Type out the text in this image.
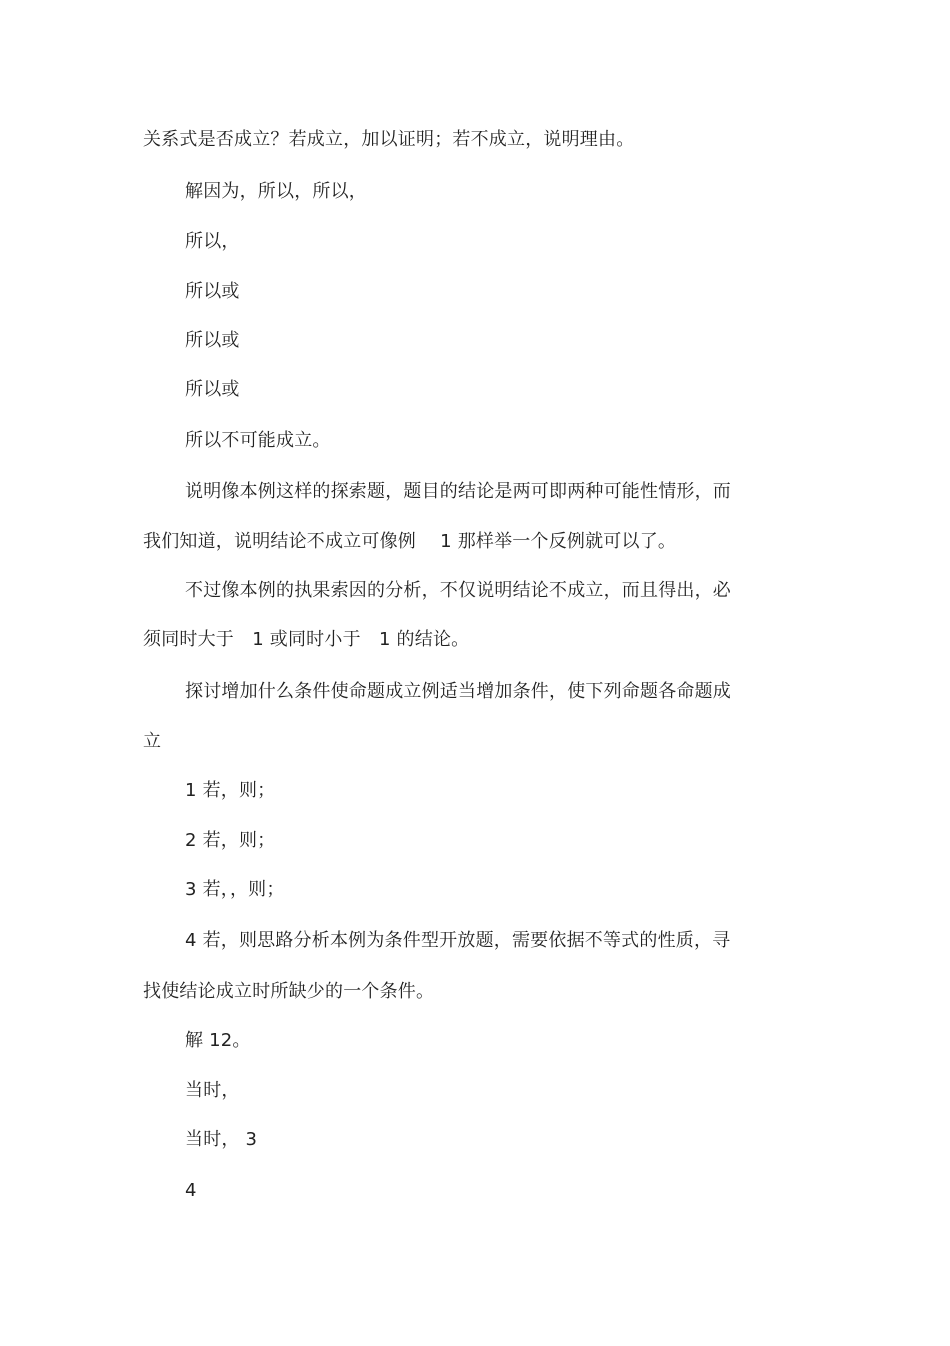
关系式是否成立？若成立，加以证明；若不成立，说明理由。
解因为，所以，所以，
所以，
所以或
所以或
所以或
所以不可能成立。
说明像本例这样的探索题，题目的结论是两可即两种可能性情形，而
我们知道，说明结论不成立可像例　 1 那样举一个反例就可以了。
不过像本例的执果索因的分析，不仅说明结论不成立，而且得出，必
须同时大于　1 或同时小于　1 的结论。
探讨增加什么条件使命题成立例适当增加条件，使下列命题各命题成
立
1 若，则；
2 若，则；
3 若，，则；
4 若，则思路分析本例为条件型开放题，需要依据不等式的性质，寻
找使结论成立时所缺少的一个条件。
解 12。
当时，
当时， 3
4
